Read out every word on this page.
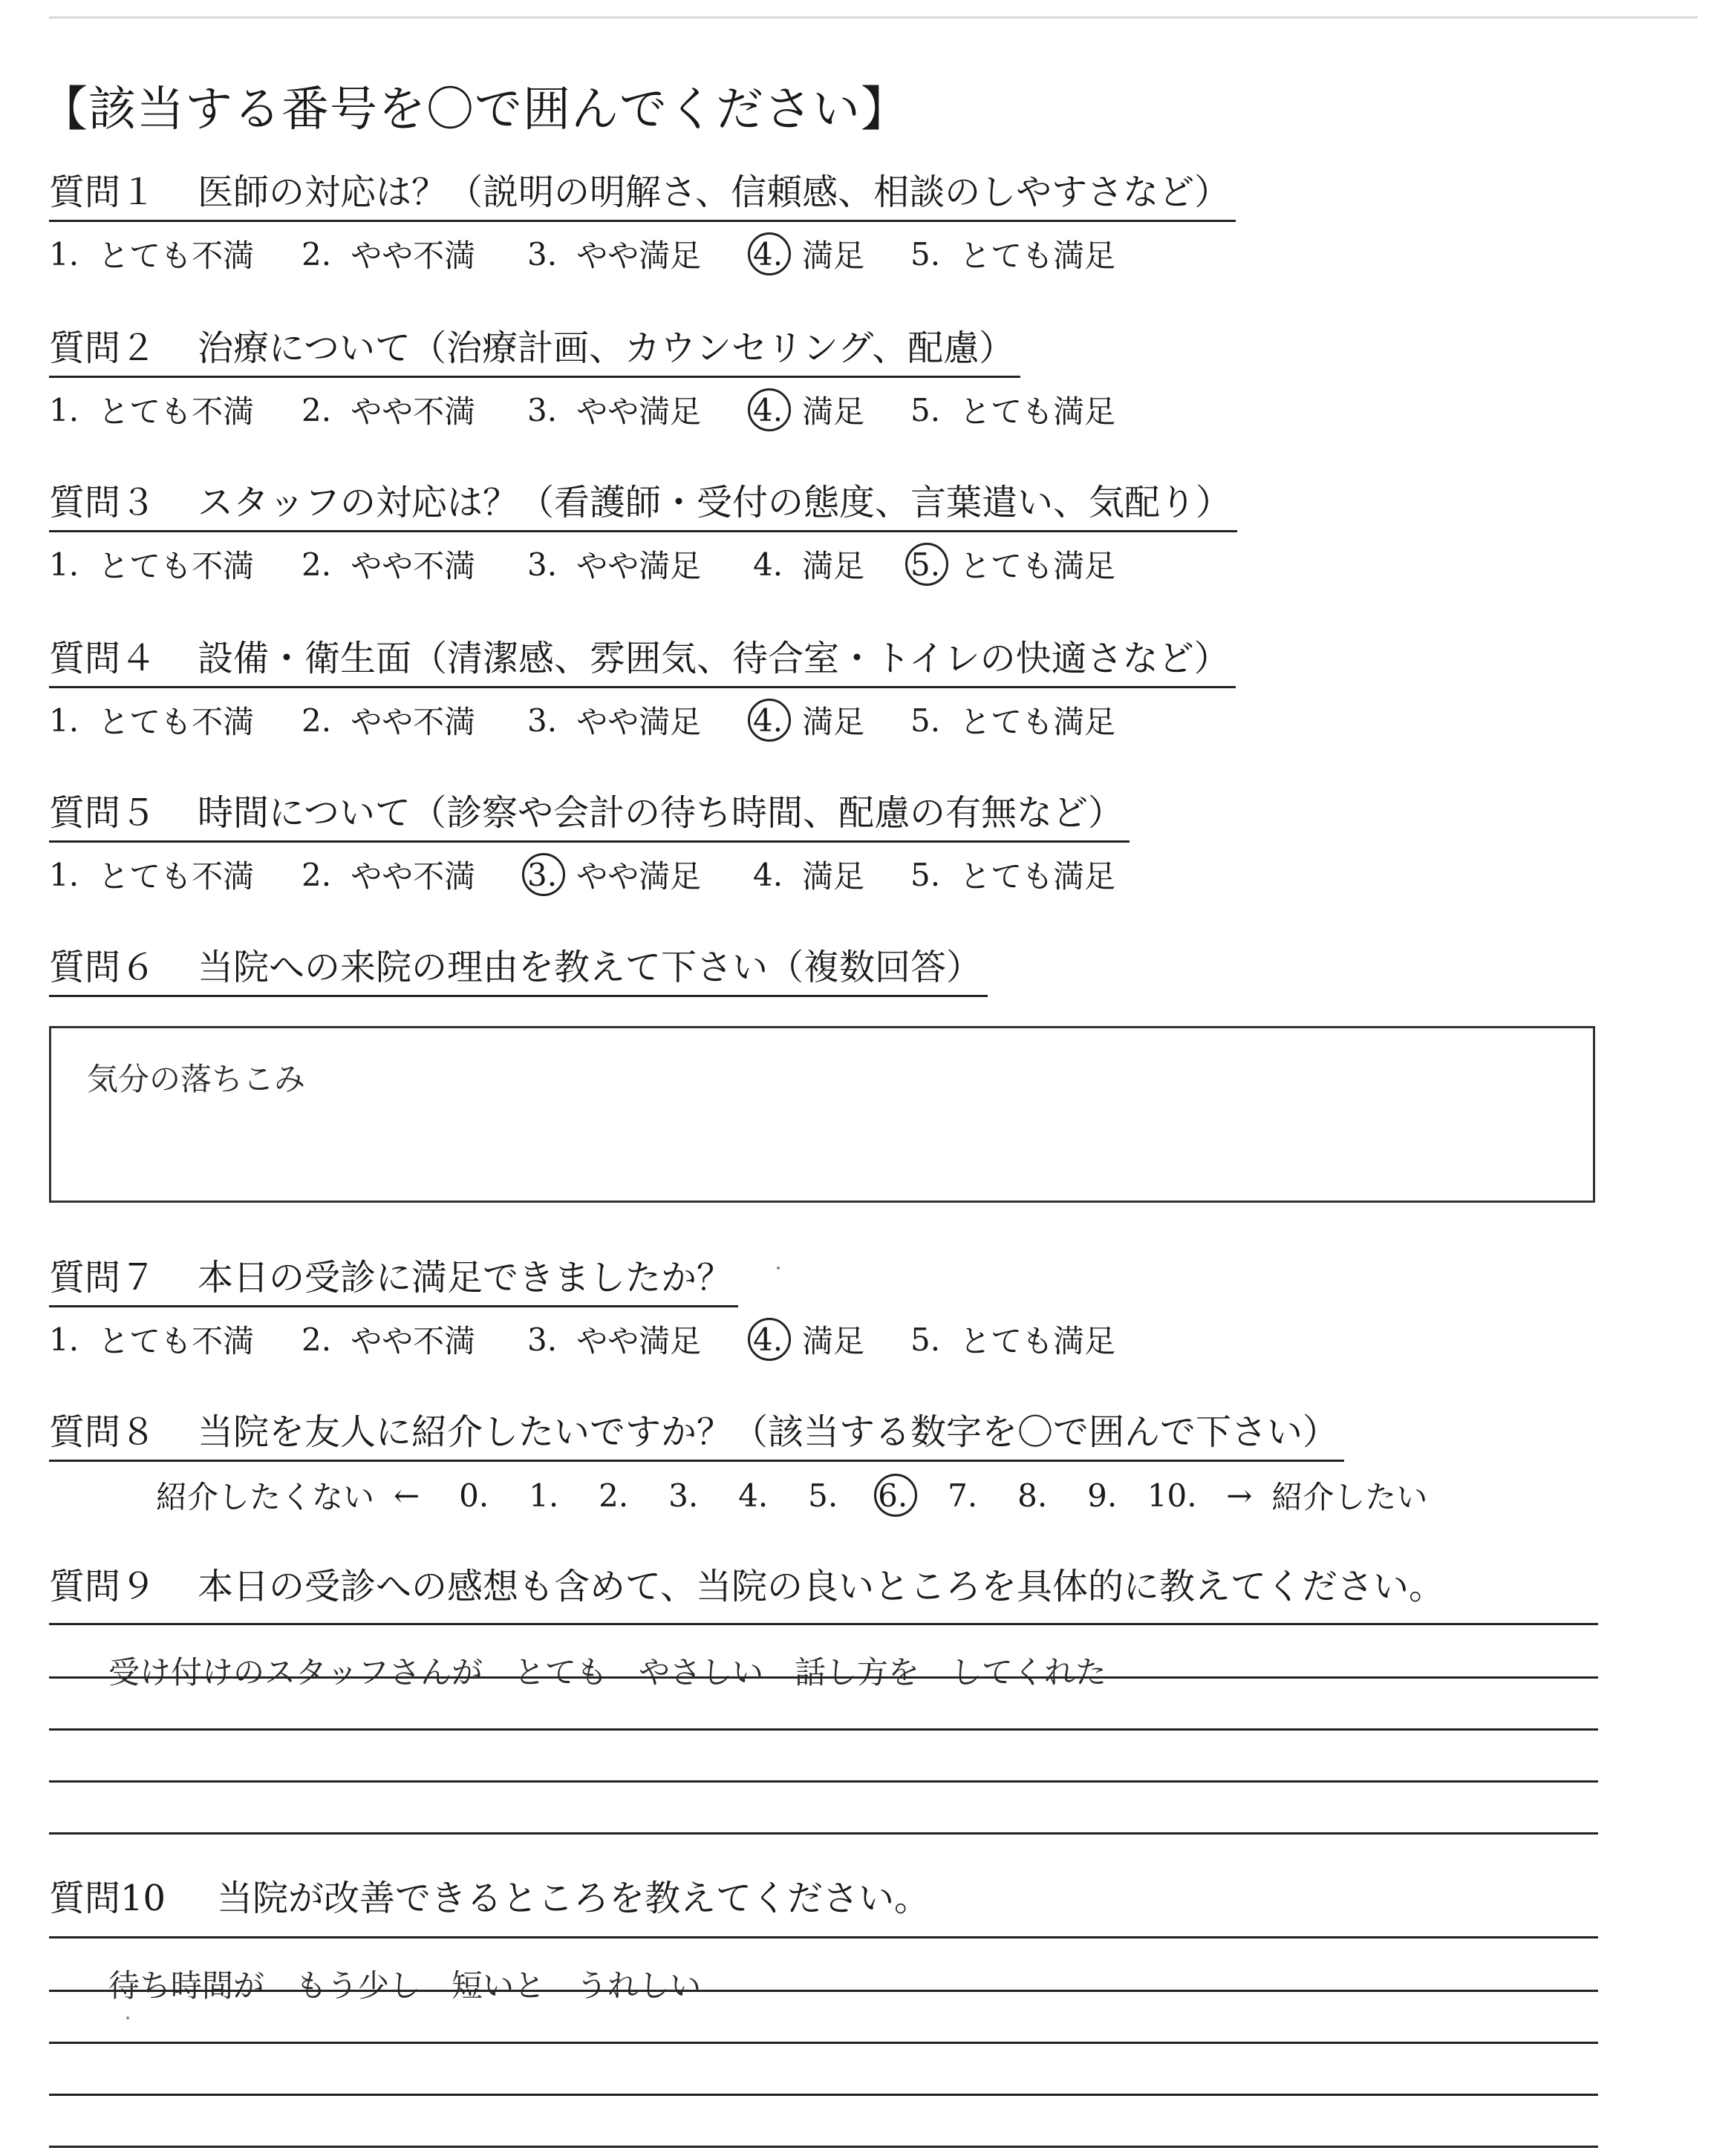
【該当する番号を〇で囲んでください】
質問１ 医師の対応は？（説明の明解さ、信頼感、相談のしやすさなど）
1. とても不満 2. やや不満 3. やや満足 4. 満足 5. とても満足
質問２ 治療について（治療計画、カウンセリング、配慮）
1. とても不満 2. やや不満 3. やや満足 4. 満足 5. とても満足
質問３ スタッフの対応は？（看護師・受付の態度、言葉遣い、気配り）
1. とても不満 2. やや不満 3. やや満足 4. 満足 5. とても満足
質問４ 設備・衛生面（清潔感、雰囲気、待合室・トイレの快適さなど）
1. とても不満 2. やや不満 3. やや満足 4. 満足 5. とても満足
質問５ 時間について（診察や会計の待ち時間、配慮の有無など）
1. とても不満 2. やや不満 3. やや満足 4. 満足 5. とても満足
質問６ 当院への来院の理由を教えて下さい（複数回答）
気分の落ちこみ
質問７ 本日の受診に満足できましたか？
1. とても不満 2. やや不満 3. やや満足 4. 満足 5. とても満足
質問８ 当院を友人に紹介したいですか？（該当する数字を〇で囲んで下さい）
紹介したくない ←	0. 1. 2. 3. 4. 5. 6. 7. 8. 9. 10. → 紹介したい
質問９ 本日の受診への感想も含めて、当院の良いところを具体的に教えてください。
受け付けのスタッフさんが　とても　やさしい　話し方を　してくれた
質問10 当院が改善できるところを教えてください。
待ち時間が　もう少し　短いと　うれしい
